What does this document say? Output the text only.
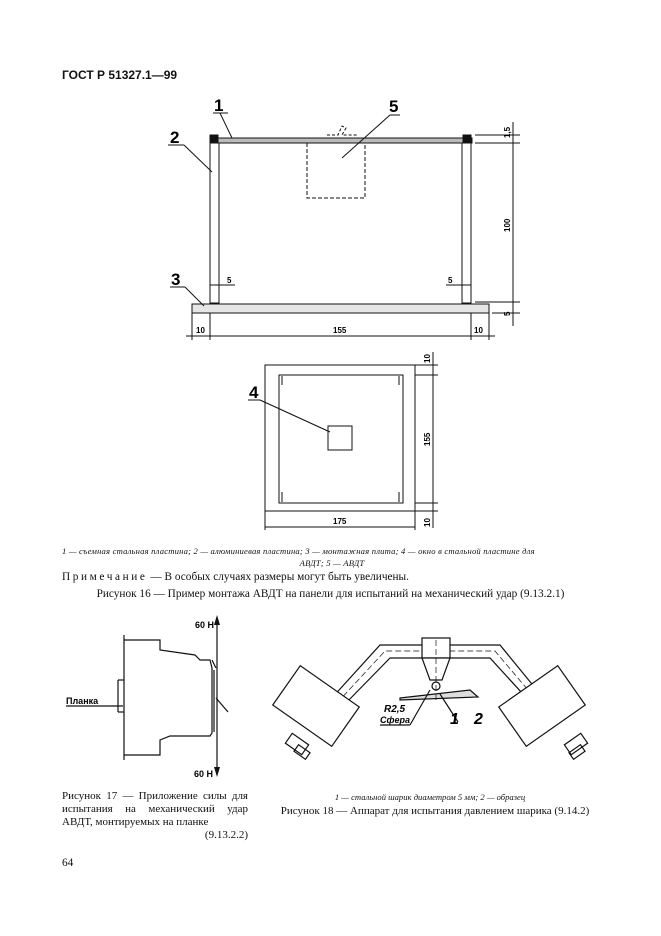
ГОСТ Р 51327.1—99
1
2
3
5
1,5
100
5
5	5
10	155	10
4
10
155
10
175
1 — съемная стальная пластина; 2 — алюминиевая пластина; 3 — монтажная плита; 4 — окно в стальной пластине для
АВДТ; 5 — АВДТ
Примечание — В особых случаях размеры могут быть увеличены.
Рисунок 16 — Пример монтажа АВДТ на панели для испытаний на механический удар (9.13.2.1)
60 Н
60 Н
Планка
Рисунок 17 — Приложение силы для испытания на механический удар АВДТ, монтируемых на планке
(9.13.2.2)
R2,5
Сфера	1 2
1 — стальной шарик диаметром 5 мм; 2 — образец
Рисунок 18 — Аппарат для испытания давлением шарика (9.14.2)
64
